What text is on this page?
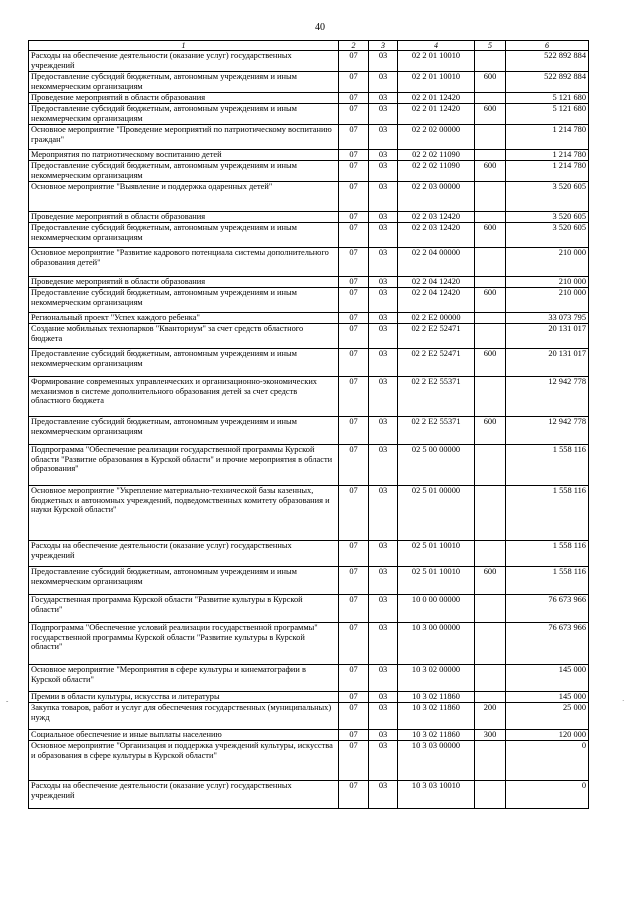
40
1	2	3	4	5	6
Расходы на обеспечение деятельности (оказание услуг) государственных учреждений	07	03	02 2 01 10010		522 892 884
Предоставление субсидий бюджетным, автономным учреждениям и иным некоммерческим организациям	07	03	02 2 01 10010	600	522 892 884
Проведение мероприятий в области образования	07	03	02 2 01 12420		5 121 680
Предоставление субсидий бюджетным, автономным учреждениям и иным некоммерческим организациям	07	03	02 2 01 12420	600	5 121 680
Основное мероприятие "Проведение мероприятий по патриотическому воспитанию граждан"	07	03	02 2 02 00000		1 214 780
Мероприятия по патриотическому воспитанию детей	07	03	02 2 02 11090		1 214 780
Предоставление субсидий бюджетным, автономным учреждениям и иным некоммерческим организациям	07	03	02 2 02 11090	600	1 214 780
Основное мероприятие "Выявление и поддержка одаренных детей"	07	03	02 2 03 00000		3 520 605
Проведение мероприятий в области образования	07	03	02 2 03 12420		3 520 605
Предоставление субсидий бюджетным, автономным учреждениям и иным некоммерческим организациям	07	03	02 2 03 12420	600	3 520 605
Основное мероприятие "Развитие кадрового потенциала системы дополнительного образования детей"	07	03	02 2 04 00000		210 000
Проведение мероприятий в области образования	07	03	02 2 04 12420		210 000
Предоставление субсидий бюджетным, автономным учреждениям и иным некоммерческим организациям	07	03	02 2 04 12420	600	210 000
Региональный проект "Успех каждого ребенка"	07	03	02 2 Е2 00000		33 073 795
Создание мобильных технопарков "Кванториум" за счет средств областного бюджета	07	03	02 2 Е2 52471		20 131 017
Предоставление субсидий бюджетным, автономным учреждениям и иным некоммерческим организациям	07	03	02 2 Е2 52471	600	20 131 017
Формирование современных управленческих и организационно-экономических механизмов в системе дополнительного образования детей за счет средств областного бюджета	07	03	02 2 Е2 55371		12 942 778
Предоставление субсидий бюджетным, автономным учреждениям и иным некоммерческим организациям	07	03	02 2 Е2 55371	600	12 942 778
Подпрограмма "Обеспечение реализации государственной программы Курской области "Развитие образования в Курской области" и прочие мероприятия в области образования"	07	03	02 5 00 00000		1 558 116
Основное мероприятие "Укрепление материально-технической базы казенных, бюджетных и автономных учреждений, подведомственных комитету образования и науки Курской области"	07	03	02 5 01 00000		1 558 116
Расходы на обеспечение деятельности (оказание услуг) государственных учреждений	07	03	02 5 01 10010		1 558 116
Предоставление субсидий бюджетным, автономным учреждениям и иным некоммерческим организациям	07	03	02 5 01 10010	600	1 558 116
Государственная программа Курской области "Развитие культуры в Курской области"	07	03	10 0 00 00000		76 673 966
Подпрограмма "Обеспечение условий реализации государственной программы" государственной программы Курской области "Развитие культуры в Курской области"	07	03	10 3 00 00000		76 673 966
Основное мероприятие "Мероприятия в сфере культуры и кинематографии в Курской области"	07	03	10 3 02 00000		145 000
Премии в области культуры, искусства и литературы	07	03	10 3 02 11860		145 000
Закупка товаров, работ и услуг для обеспечения государственных (муниципальных) нужд	07	03	10 3 02 11860	200	25 000
Социальное обеспечение и иные выплаты населению	07	03	10 3 02 11860	300	120 000
Основное мероприятие "Организация и поддержка учреждений культуры, искусства и образования в сфере культуры в Курской области"	07	03	10 3 03 00000		0
Расходы на обеспечение деятельности (оказание услуг) государственных учреждений	07	03	10 3 03 10010		0
·
-
